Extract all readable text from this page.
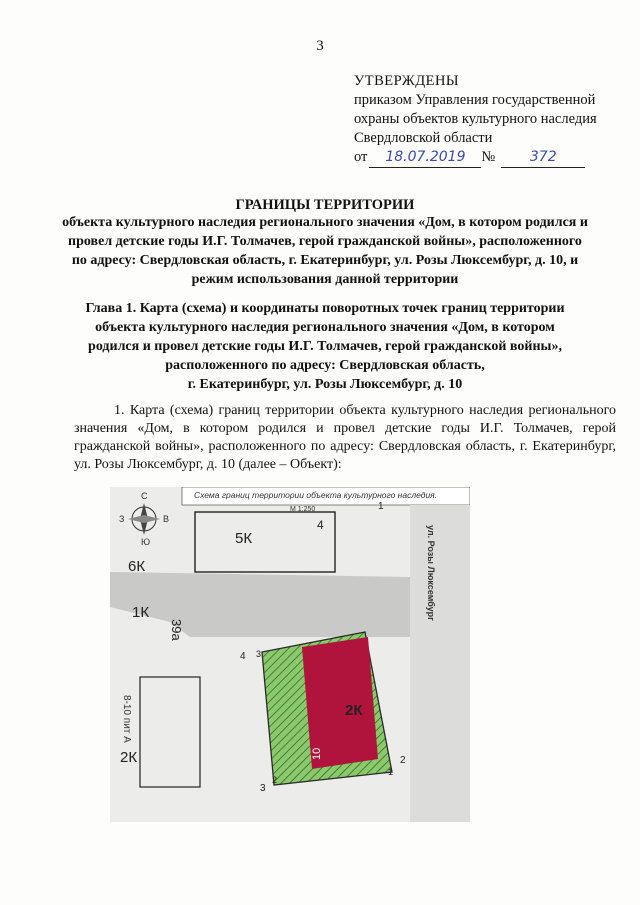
3
УТВЕРЖДЕНЫ
приказом Управления государственной
охраны объектов культурного наследия
Свердловской области
от	18.07.2019	№	372
ГРАНИЦЫ ТЕРРИТОРИИ
объекта культурного наследия регионального значения «Дом, в котором родился и провел детские годы И.Г. Толмачев, герой гражданской войны», расположенного по адресу: Свердловская область, г. Екатеринбург, ул. Розы Люксембург, д. 10, и режим использования данной территории
Глава 1. Карта (схема) и координаты поворотных точек границ территории
объекта культурного наследия регионального значения «Дом, в котором
родился и провел детские годы И.Г. Толмачев, герой гражданской войны»,
расположенного по адресу: Свердловская область,
г. Екатеринбург, ул. Розы Люксембург, д. 10
1. Карта (схема) границ территории объекта культурного наследия регионального значения «Дом, в котором родился и провел детские годы И.Г. Толмачев, герой гражданской войны», расположенного по адресу: Свердловская область, г. Екатеринбург, ул. Розы Люксембург, д. 10 (далее – Объект):
Схема границ территории объекта культурного наследия.
М 1:250
5К
4
6К
1К
39а
2К
8-10 пит А	2К
10
4 3
2
1
3
2
1
ул. Розы Люксембург
С
Ю
З	В
